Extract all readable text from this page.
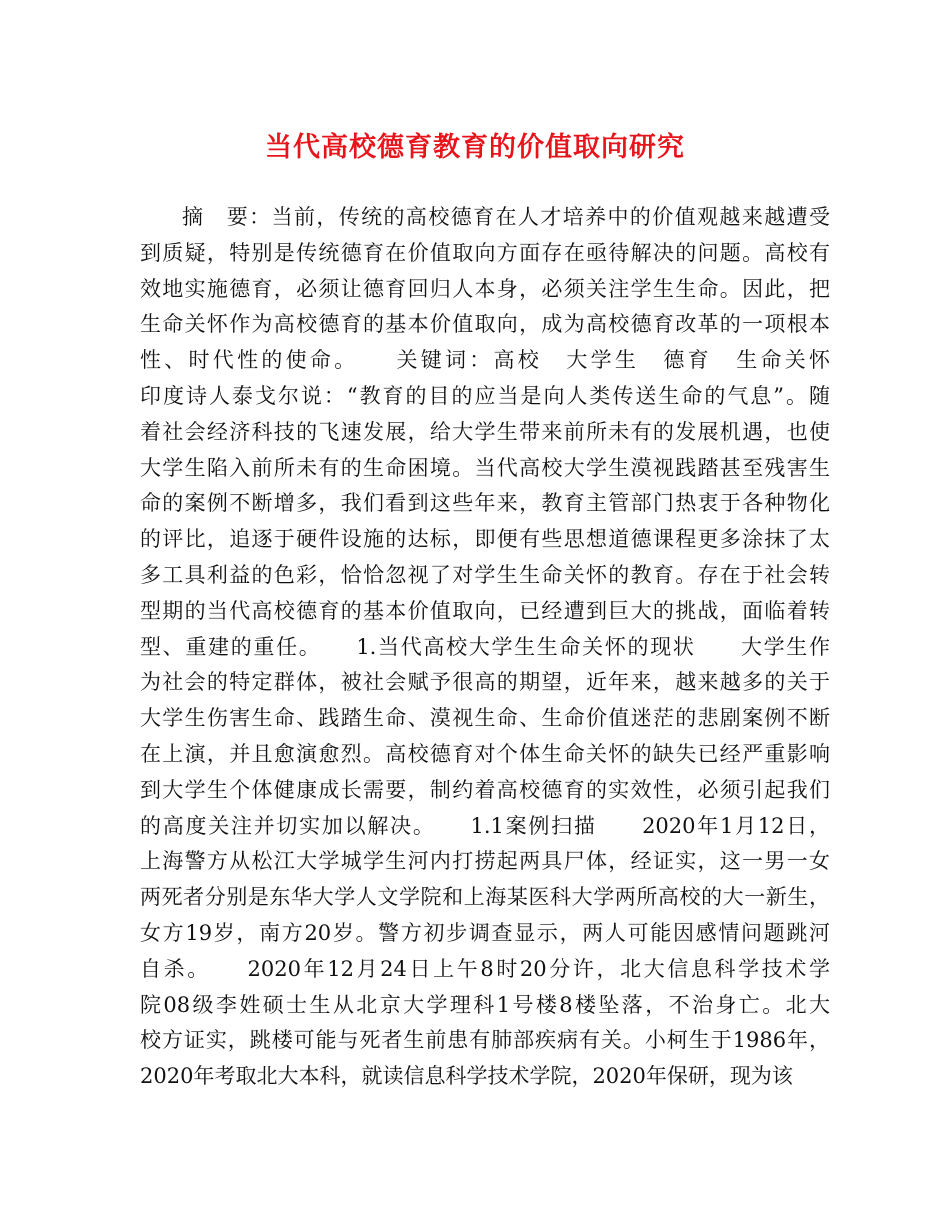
当代高校德育教育的价值取向研究
摘　要：当前，传统的高校德育在人才培养中的价值观越来越遭受
到质疑，特别是传统德育在价值取向方面存在亟待解决的问题。高校有
效地实施德育，必须让德育回归人本身，必须关注学生生命。因此，把
生命关怀作为高校德育的基本价值取向，成为高校德育改革的一项根本
性、时代性的使命。　　关键词：高校　大学生　德育　生命关怀
印度诗人泰戈尔说：“教育的目的应当是向人类传送生命的气息”。随
着社会经济科技的飞速发展，给大学生带来前所未有的发展机遇，也使
大学生陷入前所未有的生命困境。当代高校大学生漠视践踏甚至残害生
命的案例不断增多，我们看到这些年来，教育主管部门热衷于各种物化
的评比，追逐于硬件设施的达标，即便有些思想道德课程更多涂抹了太
多工具利益的色彩，恰恰忽视了对学生生命关怀的教育。存在于社会转
型期的当代高校德育的基本价值取向，已经遭到巨大的挑战，面临着转
型、重建的重任。　　1.当代高校大学生生命关怀的现状　　大学生作
为社会的特定群体，被社会赋予很高的期望，近年来，越来越多的关于
大学生伤害生命、践踏生命、漠视生命、生命价值迷茫的悲剧案例不断
在上演，并且愈演愈烈。高校德育对个体生命关怀的缺失已经严重影响
到大学生个体健康成长需要，制约着高校德育的实效性，必须引起我们
的高度关注并切实加以解决。　　1.1案例扫描　　2020年1月12日，
上海警方从松江大学城学生河内打捞起两具尸体，经证实，这一男一女
两死者分别是东华大学人文学院和上海某医科大学两所高校的大一新生，
女方19岁，南方20岁。警方初步调查显示，两人可能因感情问题跳河
自杀。　　2020年12月24日上午8时20分许，北大信息科学技术学
院08级李姓硕士生从北京大学理科1号楼8楼坠落，不治身亡。北大
校方证实，跳楼可能与死者生前患有肺部疾病有关。小柯生于1986年，
2020年考取北大本科，就读信息科学技术学院，2020年保研，现为该
